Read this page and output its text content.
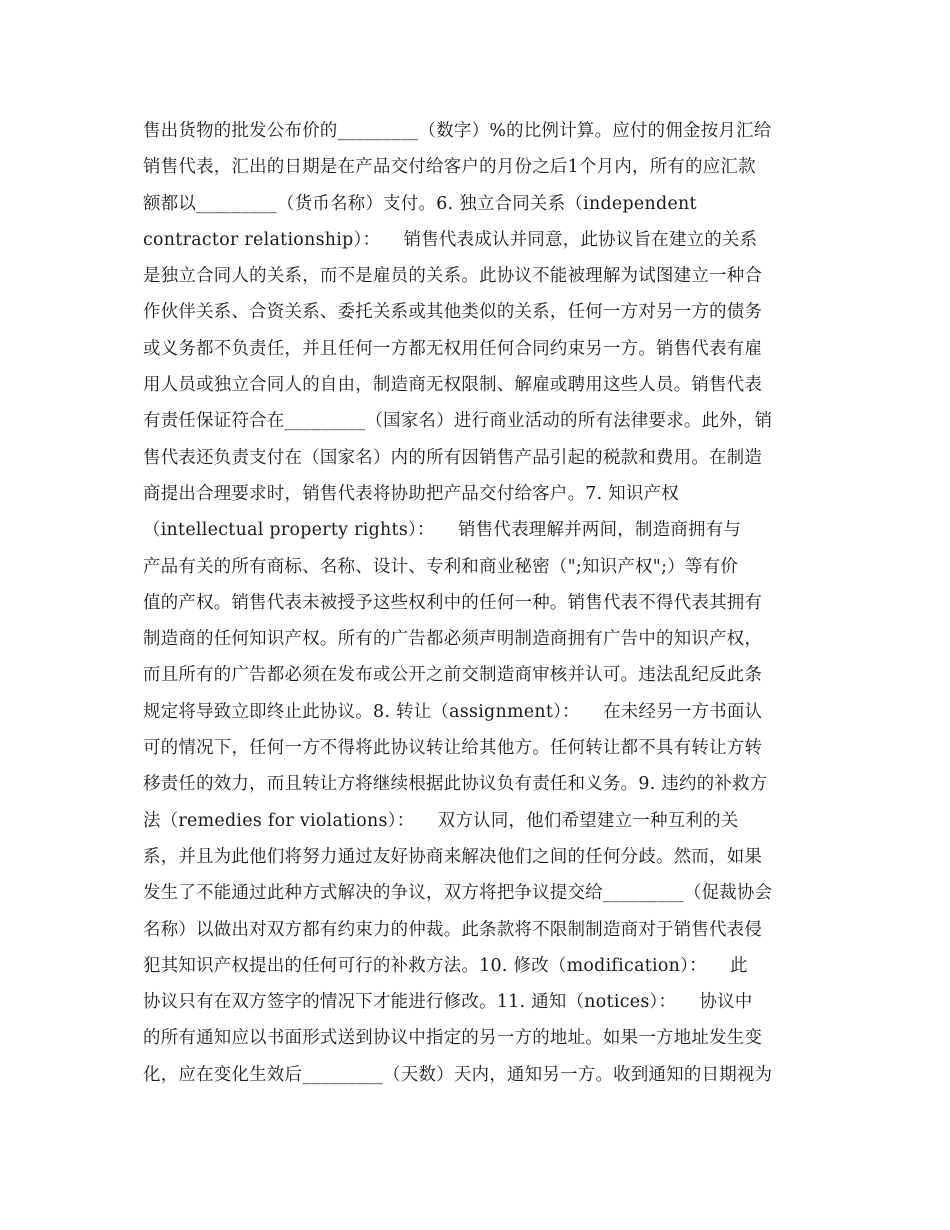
售出货物的批发公布价的_________（数字）%的比例计算。应付的佣金按月汇给
销售代表，汇出的日期是在产品交付给客户的月份之后1个月内，所有的应汇款
额都以_________（货币名称）支付。6. 独立合同关系（independent
contractor relationship）：    销售代表成认并同意，此协议旨在建立的关系
是独立合同人的关系，而不是雇员的关系。此协议不能被理解为试图建立一种合
作伙伴关系、合资关系、委托关系或其他类似的关系，任何一方对另一方的债务
或义务都不负责任，并且任何一方都无权用任何合同约束另一方。销售代表有雇
用人员或独立合同人的自由，制造商无权限制、解雇或聘用这些人员。销售代表
有责任保证符合在_________（国家名）进行商业活动的所有法律要求。此外，销
售代表还负责支付在（国家名）内的所有因销售产品引起的税款和费用。在制造
商提出合理要求时，销售代表将协助把产品交付给客户。7. 知识产权
（intellectual property rights）：    销售代表理解并两间，制造商拥有与
产品有关的所有商标、名称、设计、专利和商业秘密（";知识产权";）等有价
值的产权。销售代表未被授予这些权利中的任何一种。销售代表不得代表其拥有
制造商的任何知识产权。所有的广告都必须声明制造商拥有广告中的知识产权，
而且所有的广告都必须在发布或公开之前交制造商审核并认可。违法乱纪反此条
规定将导致立即终止此协议。8. 转让（assignment）：    在未经另一方书面认
可的情况下，任何一方不得将此协议转让给其他方。任何转让都不具有转让方转
移责任的效力，而且转让方将继续根据此协议负有责任和义务。9. 违约的补救方
法（remedies for violations）：    双方认同，他们希望建立一种互利的关
系，并且为此他们将努力通过友好协商来解决他们之间的任何分歧。然而，如果
发生了不能通过此种方式解决的争议，双方将把争议提交给_________（促裁协会
名称）以做出对双方都有约束力的仲裁。此条款将不限制制造商对于销售代表侵
犯其知识产权提出的任何可行的补救方法。10. 修改（modification）：    此
协议只有在双方签字的情况下才能进行修改。11. 通知（notices）：    协议中
的所有通知应以书面形式送到协议中指定的另一方的地址。如果一方地址发生变
化，应在变化生效后_________（天数）天内，通知另一方。收到通知的日期视为
